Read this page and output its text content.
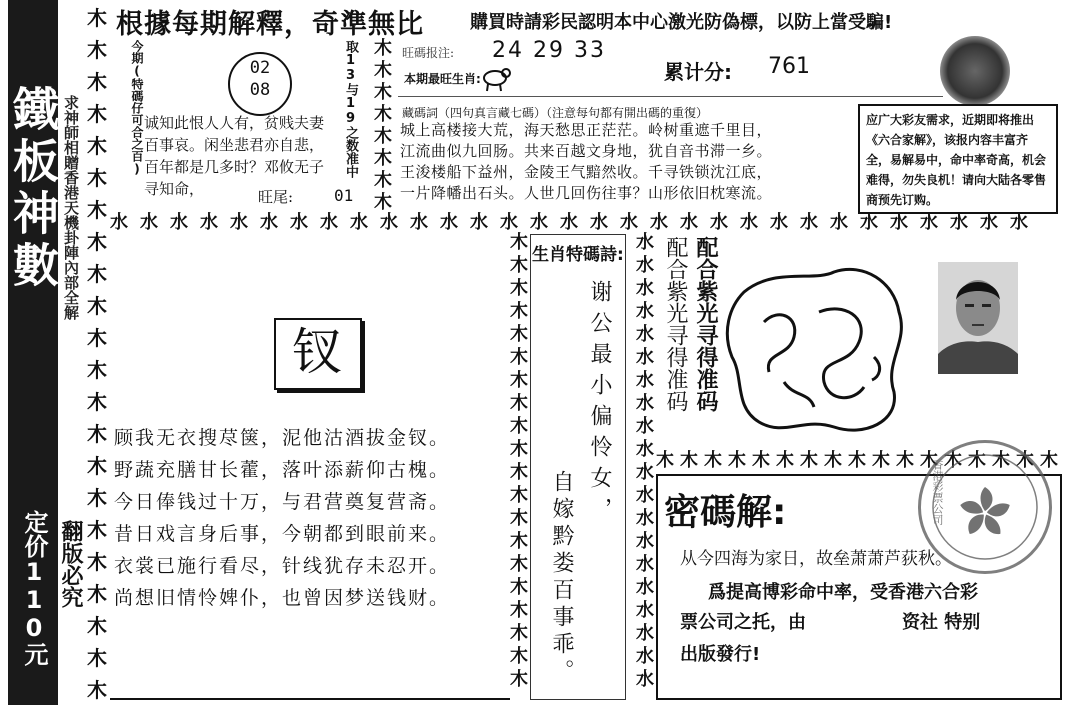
鐵板神數 求神師相贈香港天機卦陣內部全解
定价110元 翻版必究
木
木
木
木
木
木
木
木
木
木
木
木
木
木
木
木
木
木
木
木
木
木
根據每期解釋，奇準無比	購買時請彩民認明本中心激光防偽標，以防上當受騙!
今期(特碼仔可合之百)	02
08	取13与19之数准中
诚知此恨人人有，贫贱夫妻百事哀。闲坐悲君亦自悲，百年都是几多时？邓攸无子寻知命，	旺尾:	01
木
木
木
木
木
木
木
木
旺碼报注: 24 29 33
累计分: 761
本期最旺生肖:
藏碼詞（四句真言藏七碼）（注意每句都有開出碼的重復）
城上高楼接大荒，海天愁思正茫茫。岭树重遮千里目，
江流曲似九回肠。共来百越文身地，犹自音书滞一乡。
王浚楼船下益州，金陵王气黯然收。千寻铁锁沈江底，
一片降幡出石头。人世几回伤往事？山形依旧枕寒流。
应广大彩友需求，近期即将推出《六合家解》，该报内容丰富齐全，易解易中，命中率奇高，机会难得，勿失良机！请向大陆各零售商预先订购。
水 水 水 水 水 水 水 水 水 水 水 水 水 水 水 水 水 水 水 水 水 水 水 水 水 水 水 水 水 水 水
钗
顾我无衣搜荩箧，泥他沽酒拔金钗。
野蔬充膳甘长藿，落叶添薪仰古槐。
今日俸钱过十万，与君营奠复营斋。
昔日戏言身后事，今朝都到眼前来。
衣裳已施行看尽，针线犹存未忍开。
尚想旧情怜婢仆，也曾因梦送钱财。
木
木
木
木
木
木
木
木
木
木
木
木
木
木
木
木
木
木
木
木
生肖特碼詩:
谢公最小偏怜女，
自嫁黔娄百事乖。
水
水
水
水
水
水
水
水
水
水
水
水
水
水
水
水
水
水
水
水
配合紫光寻得准码 配合紫光寻得准码
木 木 木 木 木 木 木 木 木 木 木 木 木 木 木 木 木
密碼解:
从今四海为家日，故垒萧萧芦荻秋。
爲提高博彩命中率，受香港六合彩
票公司之托，由	资社 特别
出版發行!
香港彩票公司
